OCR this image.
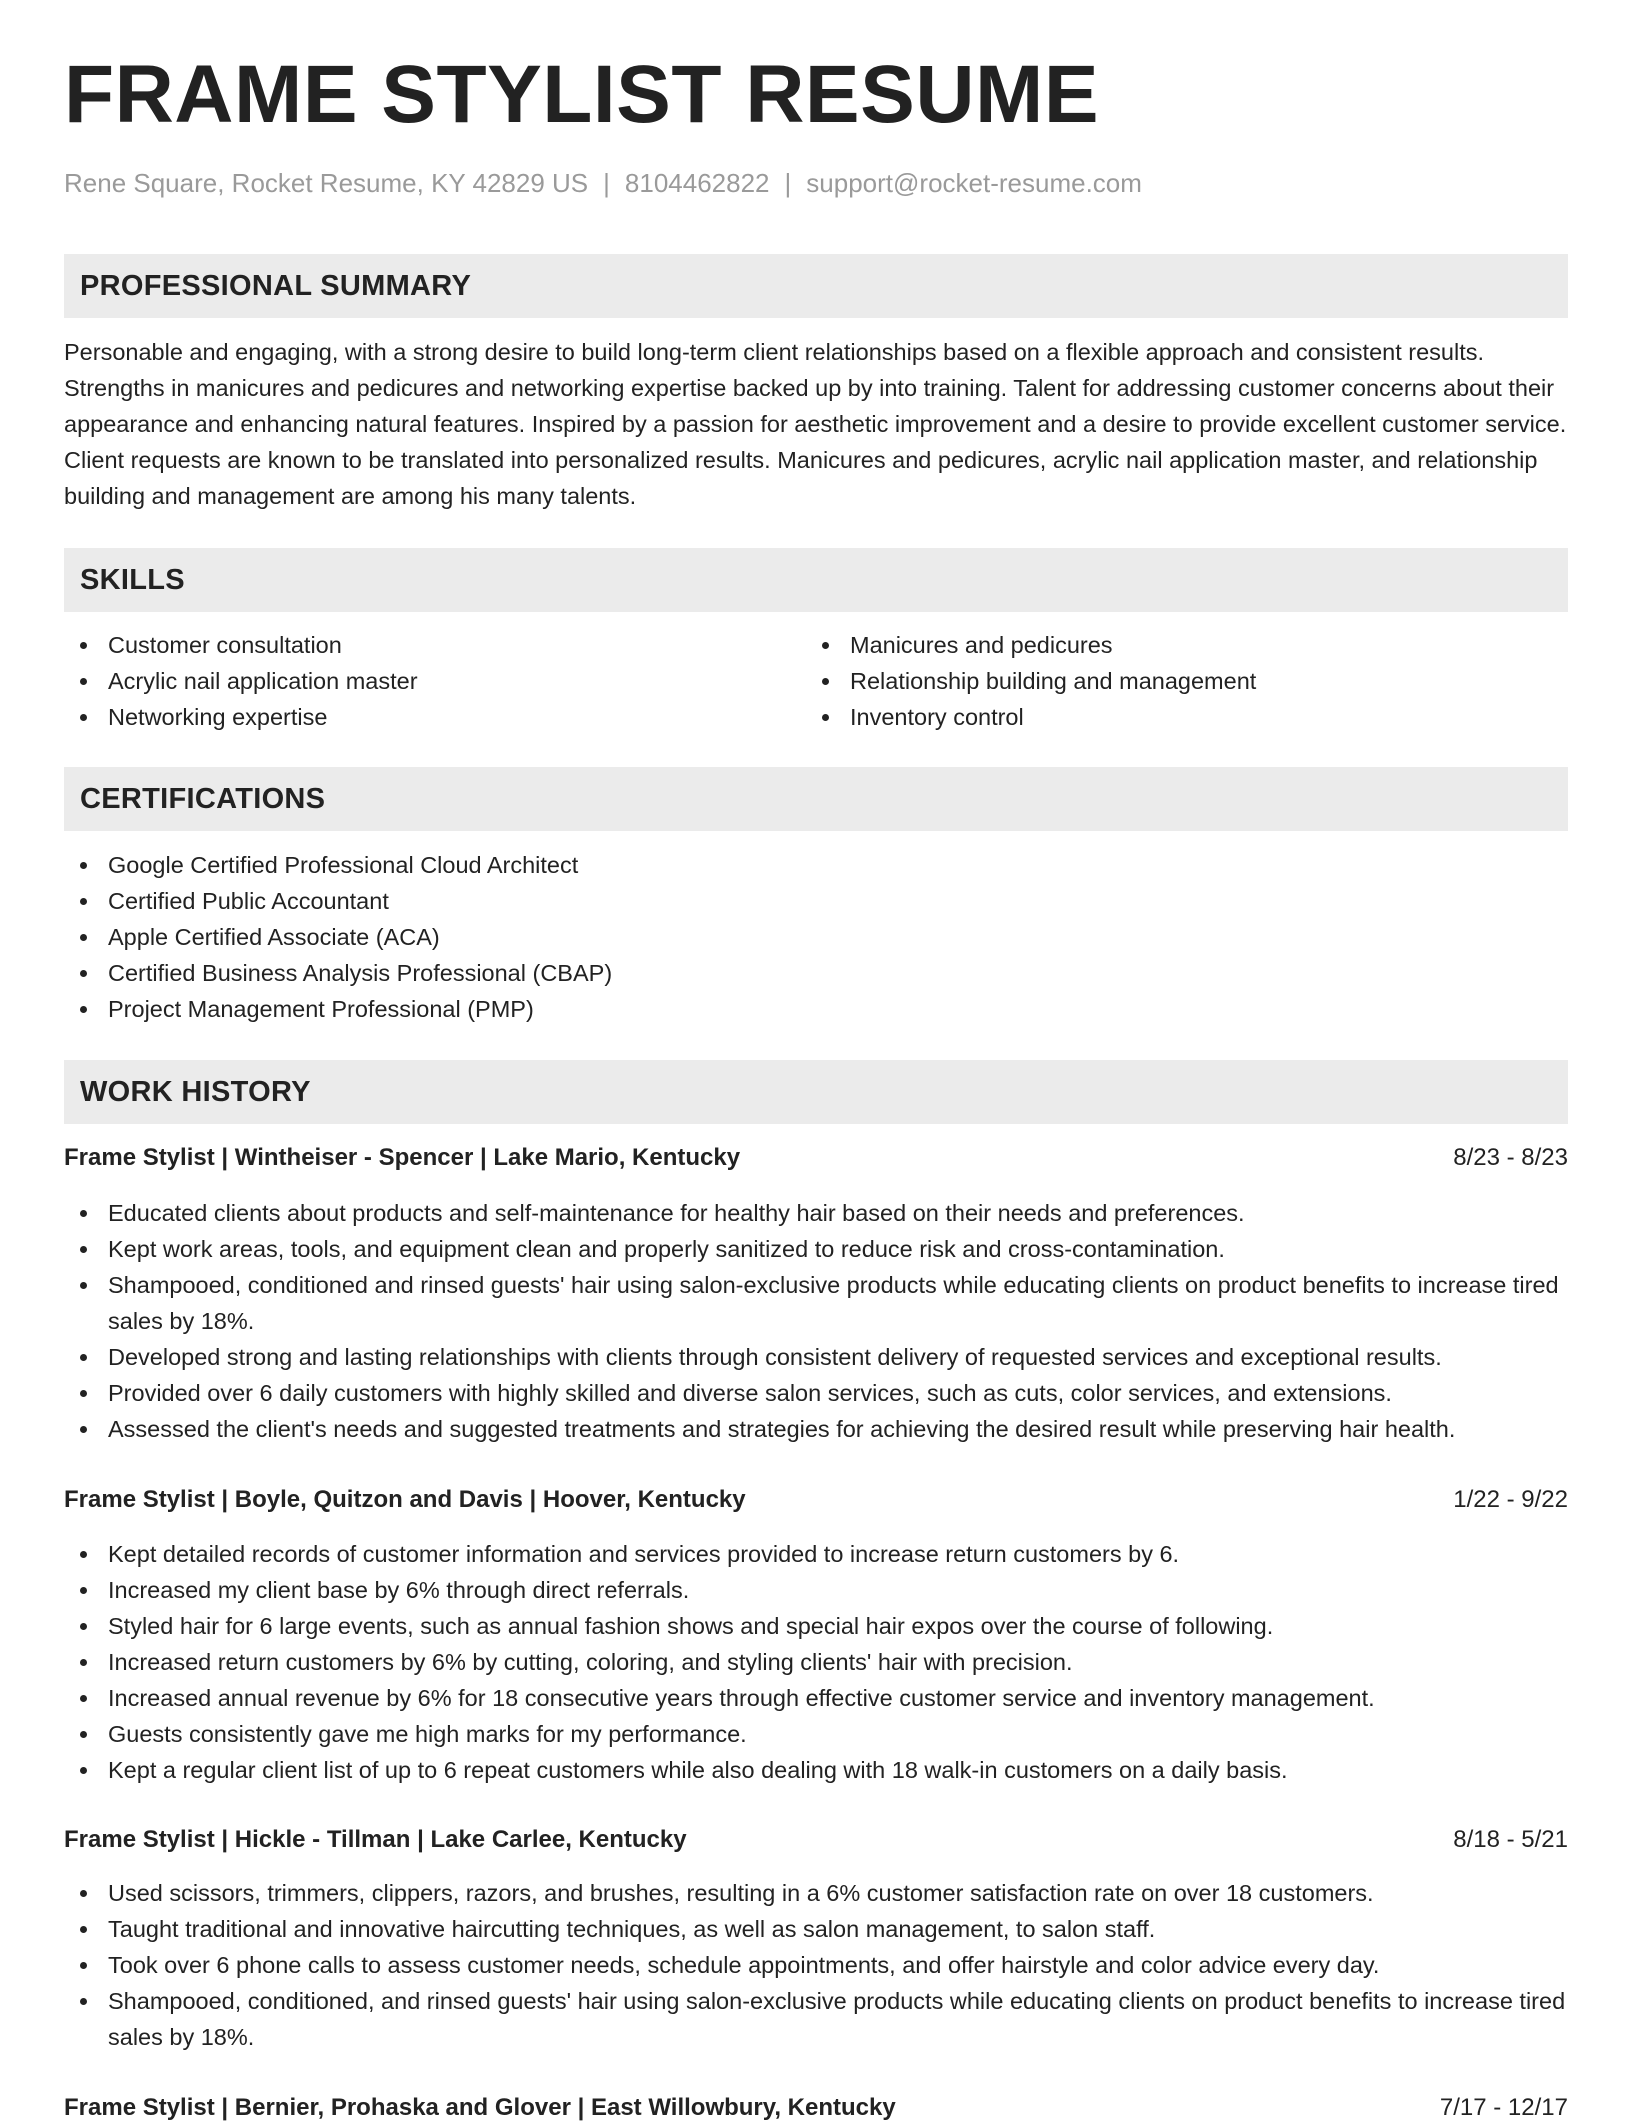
FRAME STYLIST RESUME
Rene Square, Rocket Resume, KY 42829 US | 8104462822 | support@rocket-resume.com
PROFESSIONAL SUMMARY

Personable and engaging, with a strong desire to build long-term client relationships based on a flexible approach and consistent results. Strengths in manicures and pedicures and networking expertise backed up by into training. Talent for addressing customer concerns about their appearance and enhancing natural features. Inspired by a passion for aesthetic improvement and a desire to provide excellent customer service. Client requests are known to be translated into personalized results. Manicures and pedicures, acrylic nail application master, and relationship building and management are among his many talents.

SKILLS
Customer consultation
Acrylic nail application master
Networking expertise
Manicures and pedicures
Relationship building and management
Inventory control
CERTIFICATIONS
Google Certified Professional Cloud Architect
Certified Public Accountant
Apple Certified Associate (ACA)
Certified Business Analysis Professional (CBAP)
Project Management Professional (PMP)
WORK HISTORY
Frame Stylist | Wintheiser - Spencer | Lake Mario, Kentucky	8/23 - 8/23
Educated clients about products and self-maintenance for healthy hair based on their needs and preferences.
Kept work areas, tools, and equipment clean and properly sanitized to reduce risk and cross-contamination.
Shampooed, conditioned and rinsed guests' hair using salon-exclusive products while educating clients on product benefits to increase tired sales by 18%.
Developed strong and lasting relationships with clients through consistent delivery of requested services and exceptional results.
Provided over 6 daily customers with highly skilled and diverse salon services, such as cuts, color services, and extensions.
Assessed the client's needs and suggested treatments and strategies for achieving the desired result while preserving hair health.
Frame Stylist | Boyle, Quitzon and Davis | Hoover, Kentucky	1/22 - 9/22
Kept detailed records of customer information and services provided to increase return customers by 6.
Increased my client base by 6% through direct referrals.
Styled hair for 6 large events, such as annual fashion shows and special hair expos over the course of following.
Increased return customers by 6% by cutting, coloring, and styling clients' hair with precision.
Increased annual revenue by 6% for 18 consecutive years through effective customer service and inventory management.
Guests consistently gave me high marks for my performance.
Kept a regular client list of up to 6 repeat customers while also dealing with 18 walk-in customers on a daily basis.
Frame Stylist | Hickle - Tillman | Lake Carlee, Kentucky	8/18 - 5/21
Used scissors, trimmers, clippers, razors, and brushes, resulting in a 6% customer satisfaction rate on over 18 customers.
Taught traditional and innovative haircutting techniques, as well as salon management, to salon staff.
Took over 6 phone calls to assess customer needs, schedule appointments, and offer hairstyle and color advice every day.
Shampooed, conditioned, and rinsed guests' hair using salon-exclusive products while educating clients on product benefits to increase tired sales by 18%.
Frame Stylist | Bernier, Prohaska and Glover | East Willowbury, Kentucky	7/17 - 12/17
